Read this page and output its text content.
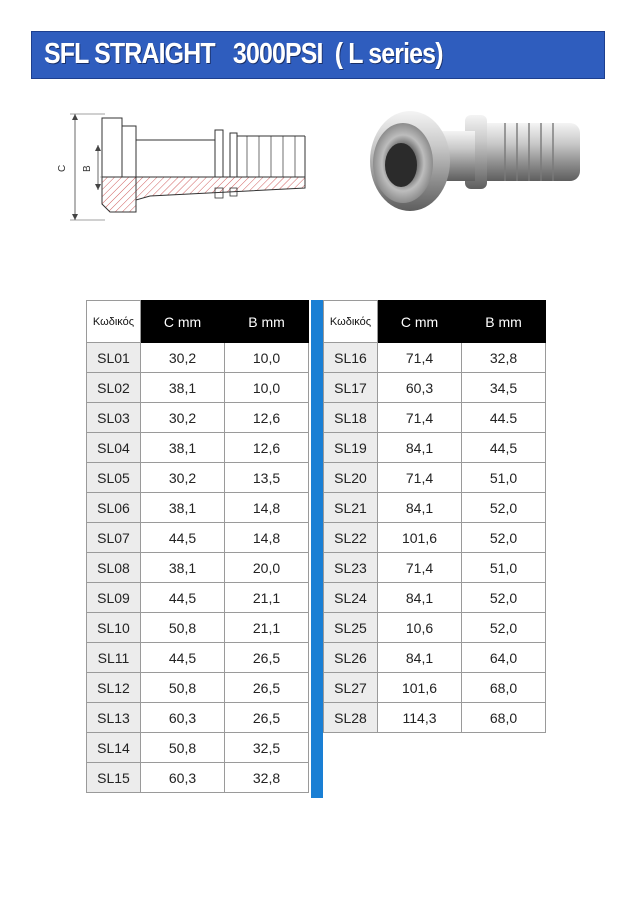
SFL STRAIGHT   3000PSI  ( L series)
C B
Κωδικός	C mm	B mm
SL01	30,2	10,0
SL02	38,1	10,0
SL03	30,2	12,6
SL04	38,1	12,6
SL05	30,2	13,5
SL06	38,1	14,8
SL07	44,5	14,8
SL08	38,1	20,0
SL09	44,5	21,1
SL10	50,8	21,1
SL11	44,5	26,5
SL12	50,8	26,5
SL13	60,3	26,5
SL14	50,8	32,5
SL15	60,3	32,8
Κωδικός	C mm	B mm
SL16	71,4	32,8
SL17	60,3	34,5
SL18	71,4	44.5
SL19	84,1	44,5
SL20	71,4	51,0
SL21	84,1	52,0
SL22	101,6	52,0
SL23	71,4	51,0
SL24	84,1	52,0
SL25	10,6	52,0
SL26	84,1	64,0
SL27	101,6	68,0
SL28	114,3	68,0
